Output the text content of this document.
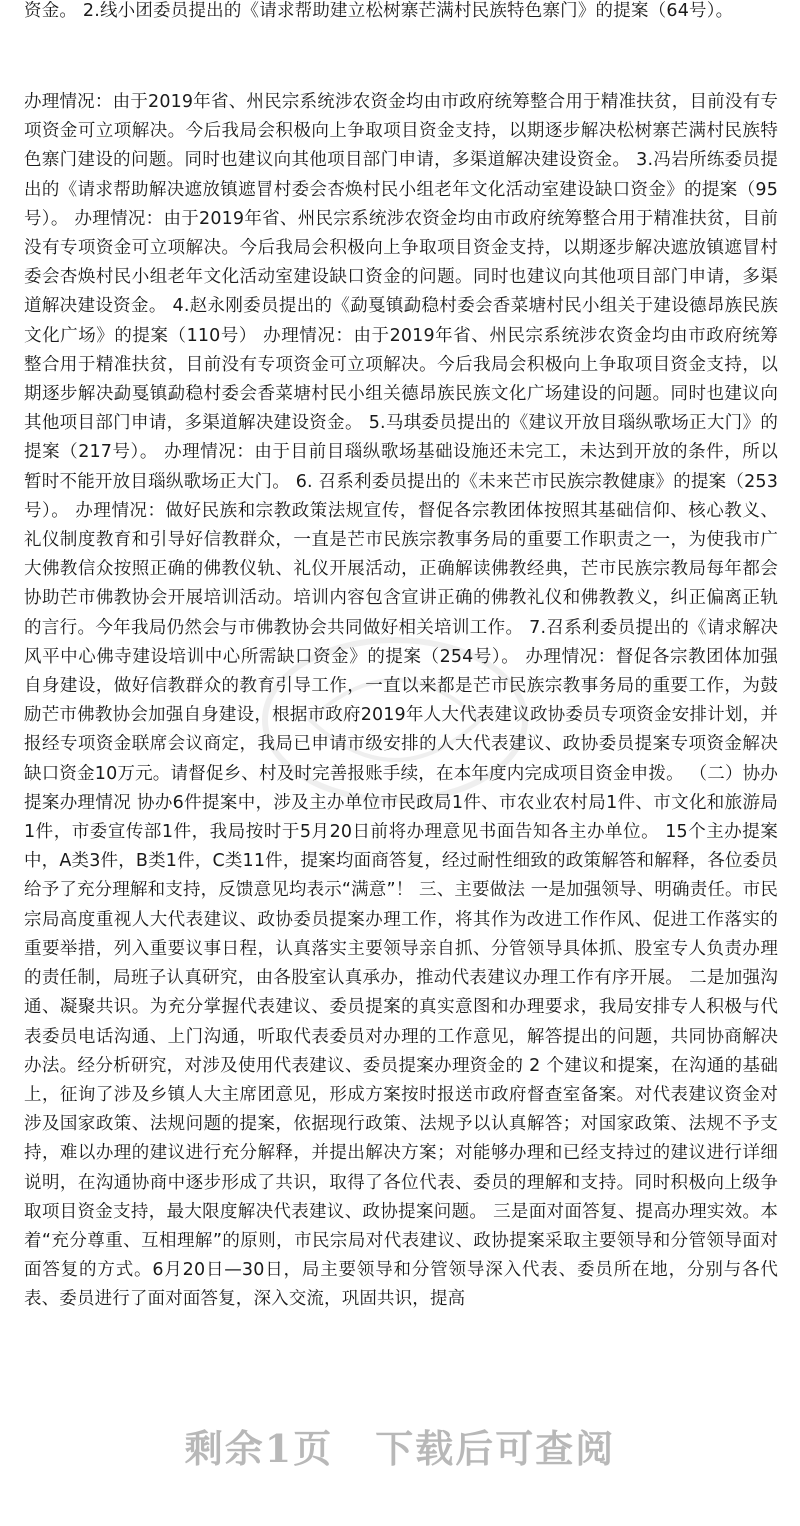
资金。 2.线小团委员提出的《请求帮助建立松树寨芒满村民族特色寨门》的提案（64号）。
办理情况：由于2019年省、州民宗系统涉农资金均由市政府统筹整合用于精准扶贫，目前没有专项资金可立项解决。今后我局会积极向上争取项目资金支持，以期逐步解决松树寨芒满村民族特色寨门建设的问题。同时也建议向其他项目部门申请，多渠道解决建设资金。 3.冯岩所练委员提出的《请求帮助解决遮放镇遮冒村委会杏焕村民小组老年文化活动室建设缺口资金》的提案（95号）。 办理情况：由于2019年省、州民宗系统涉农资金均由市政府统筹整合用于精准扶贫，目前没有专项资金可立项解决。今后我局会积极向上争取项目资金支持，以期逐步解决遮放镇遮冒村委会杏焕村民小组老年文化活动室建设缺口资金的问题。同时也建议向其他项目部门申请，多渠道解决建设资金。 4.赵永刚委员提出的《勐戛镇勐稳村委会香菜塘村民小组关于建设德昂族民族文化广场》的提案（110号） 办理情况：由于2019年省、州民宗系统涉农资金均由市政府统筹整合用于精准扶贫，目前没有专项资金可立项解决。今后我局会积极向上争取项目资金支持，以期逐步解决勐戛镇勐稳村委会香菜塘村民小组关德昂族民族文化广场建设的问题。同时也建议向其他项目部门申请，多渠道解决建设资金。 5.马琪委员提出的《建议开放目瑙纵歌场正大门》的提案（217号）。 办理情况：由于目前目瑙纵歌场基础设施还未完工，未达到开放的条件，所以暂时不能开放目瑙纵歌场正大门。 6. 召系利委员提出的《未来芒市民族宗教健康》的提案（253号）。 办理情况：做好民族和宗教政策法规宣传，督促各宗教团体按照其基础信仰、核心教义、礼仪制度教育和引导好信教群众，一直是芒市民族宗教事务局的重要工作职责之一，为使我市广大佛教信众按照正确的佛教仪轨、礼仪开展活动，正确解读佛教经典，芒市民族宗教局每年都会协助芒市佛教协会开展培训活动。培训内容包含宣讲正确的佛教礼仪和佛教教义，纠正偏离正轨的言行。今年我局仍然会与市佛教协会共同做好相关培训工作。 7.召系利委员提出的《请求解决风平中心佛寺建设培训中心所需缺口资金》的提案（254号）。 办理情况：督促各宗教团体加强自身建设，做好信教群众的教育引导工作，一直以来都是芒市民族宗教事务局的重要工作，为鼓励芒市佛教协会加强自身建设，根据市政府2019年人大代表建议政协委员专项资金安排计划，并报经专项资金联席会议商定，我局已申请市级安排的人大代表建议、政协委员提案专项资金解决缺口资金10万元。请督促乡、村及时完善报账手续，在本年度内完成项目资金申拨。 （二）协办提案办理情况 协办6件提案中，涉及主办单位市民政局1件、市农业农村局1件、市文化和旅游局1件，市委宣传部1件，我局按时于5月20日前将办理意见书面告知各主办单位。 15个主办提案中，A类3件，B类1件，C类11件，提案均面商答复，经过耐性细致的政策解答和解释，各位委员给予了充分理解和支持，反馈意见均表示“满意”！ 三、主要做法 一是加强领导、明确责任。市民宗局高度重视人大代表建议、政协委员提案办理工作，将其作为改进工作作风、促进工作落实的重要举措，列入重要议事日程，认真落实主要领导亲自抓、分管领导具体抓、股室专人负责办理的责任制，局班子认真研究，由各股室认真承办，推动代表建议办理工作有序开展。 二是加强沟通、凝聚共识。为充分掌握代表建议、委员提案的真实意图和办理要求，我局安排专人积极与代表委员电话沟通、上门沟通，听取代表委员对办理的工作意见，解答提出的问题，共同协商解决办法。经分析研究，对涉及使用代表建议、委员提案办理资金的 2 个建议和提案，在沟通的基础上，征询了涉及乡镇人大主席团意见，形成方案按时报送市政府督查室备案。对代表建议资金对涉及国家政策、法规问题的提案，依据现行政策、法规予以认真解答；对国家政策、法规不予支持，难以办理的建议进行充分解释，并提出解决方案；对能够办理和已经支持过的建议进行详细说明，在沟通协商中逐步形成了共识，取得了各位代表、委员的理解和支持。同时积极向上级争取项目资金支持，最大限度解决代表建议、政协提案问题。 三是面对面答复、提高办理实效。本着“充分尊重、互相理解”的原则，市民宗局对代表建议、政协提案采取主要领导和分管领导面对面答复的方式。6月20日—30日，局主要领导和分管领导深入代表、委员所在地，分别与各代表、委员进行了面对面答复，深入交流，巩固共识，提高
剩余1页 下载后可查阅
